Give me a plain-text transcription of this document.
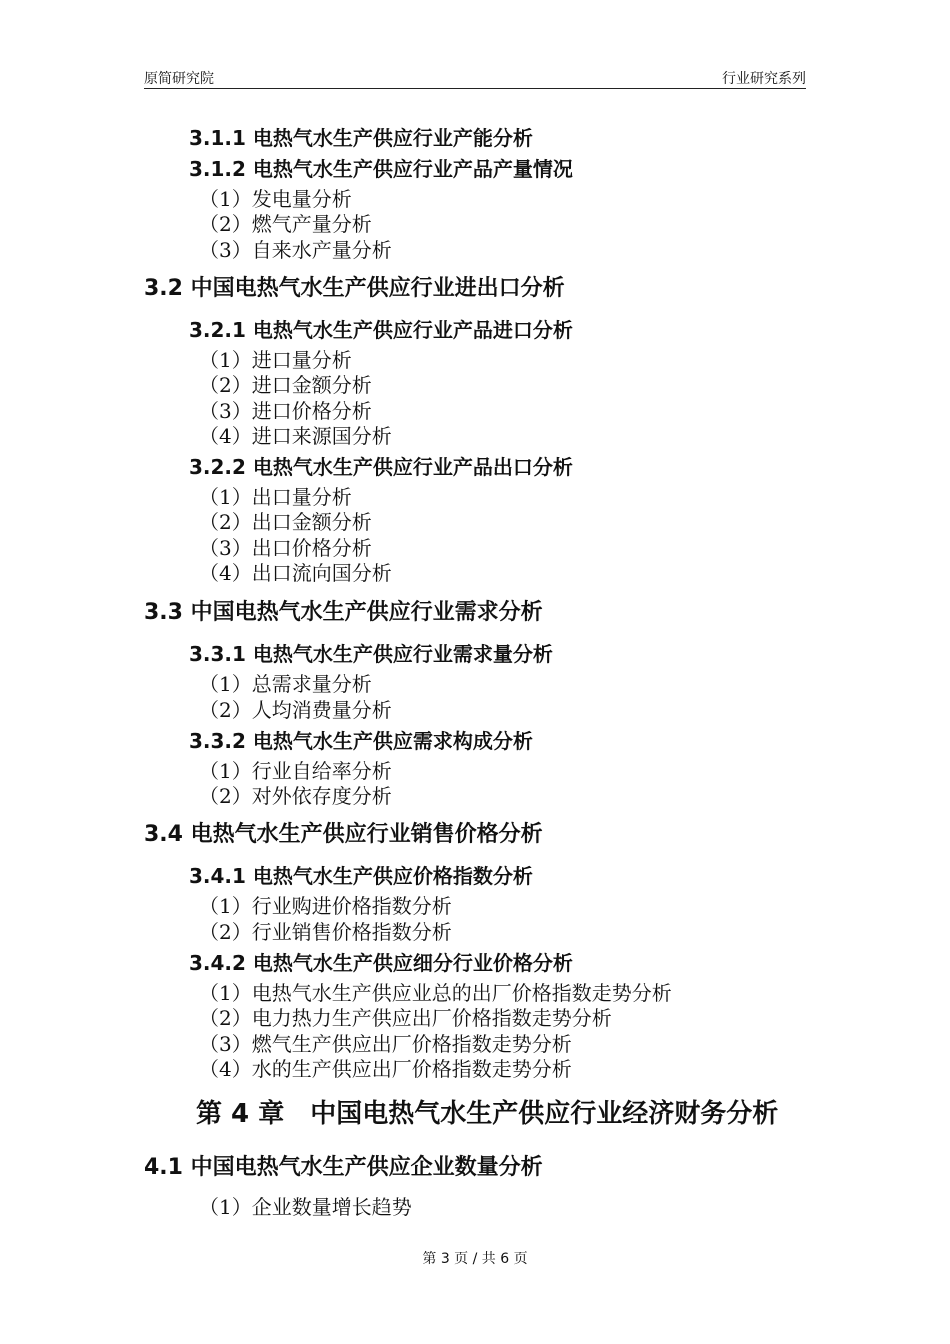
原简研究院	行业研究系列
3.1.1 电热气水生产供应行业产能分析
3.1.2 电热气水生产供应行业产品产量情况
（1）发电量分析
（2）燃气产量分析
（3）自来水产量分析
3.2 中国电热气水生产供应行业进出口分析
3.2.1 电热气水生产供应行业产品进口分析
（1）进口量分析
（2）进口金额分析
（3）进口价格分析
（4）进口来源国分析
3.2.2 电热气水生产供应行业产品出口分析
（1）出口量分析
（2）出口金额分析
（3）出口价格分析
（4）出口流向国分析
3.3 中国电热气水生产供应行业需求分析
3.3.1 电热气水生产供应行业需求量分析
（1）总需求量分析
（2）人均消费量分析
3.3.2 电热气水生产供应需求构成分析
（1）行业自给率分析
（2）对外依存度分析
3.4 电热气水生产供应行业销售价格分析
3.4.1 电热气水生产供应价格指数分析
（1）行业购进价格指数分析
（2）行业销售价格指数分析
3.4.2 电热气水生产供应细分行业价格分析
（1）电热气水生产供应业总的出厂价格指数走势分析
（2）电力热力生产供应出厂价格指数走势分析
（3）燃气生产供应出厂价格指数走势分析
（4）水的生产供应出厂价格指数走势分析
第 4 章　中国电热气水生产供应行业经济财务分析
4.1 中国电热气水生产供应企业数量分析
（1）企业数量增长趋势
第 3 页 / 共 6 页
